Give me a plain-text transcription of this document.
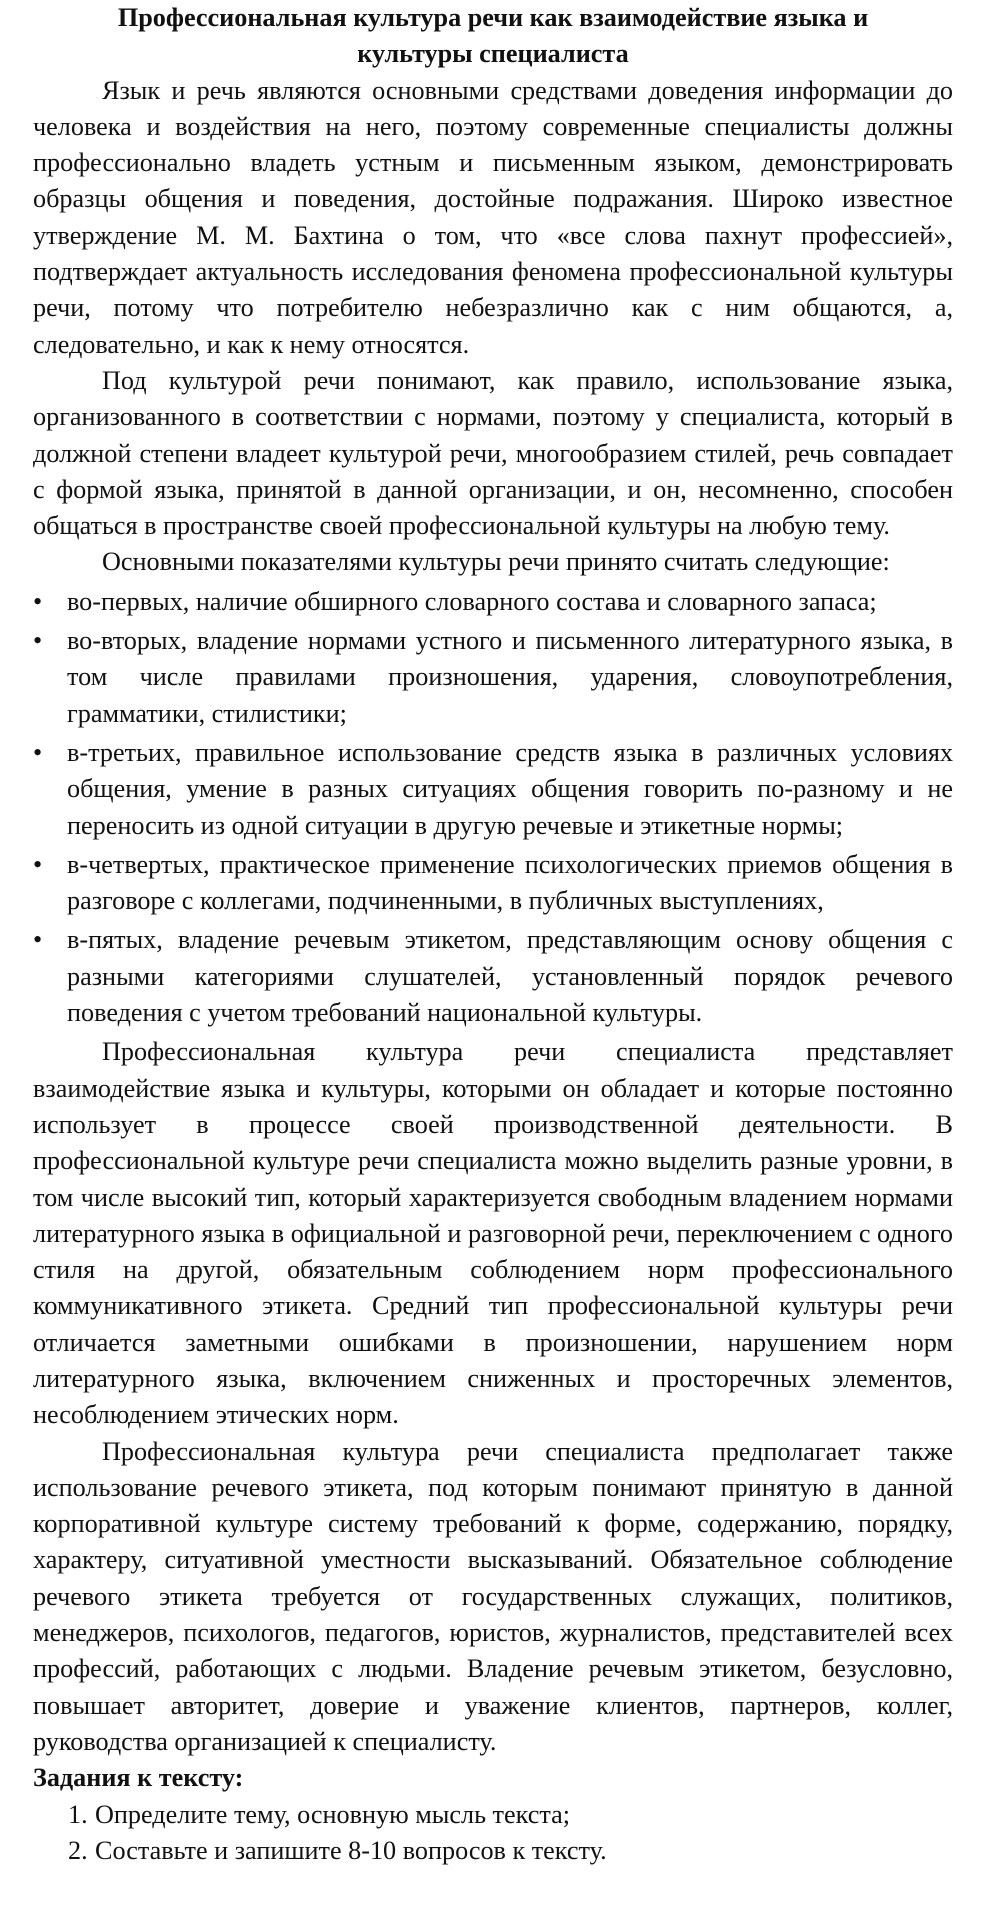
Профессиональная культура речи как взаимодействие языка и культуры специалиста

Язык и речь являются основными средствами доведения информации до человека и воздействия на него, поэтому современные специалисты должны профессионально владеть устным и письменным языком, демонстрировать образцы общения и поведения, достойные подражания. Широко известное утверждение М. М. Бахтина о том, что «все слова пахнут профессией», подтверждает актуальность исследования феномена профессиональной культуры речи, потому что потребителю небезразлично как с ним общаются, а, следовательно, и как к нему относятся.

Под культурой речи понимают, как правило, использование языка, организованного в соответствии с нормами, поэтому у специалиста, который в должной степени владеет культурой речи, многообразием стилей, речь совпадает с формой языка, принятой в данной организации, и он, несомненно, способен общаться в пространстве своей профессиональной культуры на любую тему.

Основными показателями культуры речи принято считать следующие:

• во-первых, наличие обширного словарного состава и словарного запаса;
• во-вторых, владение нормами устного и письменного литературного языка, в том числе правилами произношения, ударения, словоупотребления, грамматики, стилистики;
• в-третьих, правильное использование средств языка в различных условиях общения, умение в разных ситуациях общения говорить по-разному и не переносить из одной ситуации в другую речевые и этикетные нормы;
• в-четвертых, практическое применение психологических приемов общения в разговоре с коллегами, подчиненными, в публичных выступлениях,
• в-пятых, владение речевым этикетом, представляющим основу общения с разными категориями слушателей, установленный порядок речевого поведения с учетом требований национальной культуры.

Профессиональная культура речи специалиста представляет взаимодействие языка и культуры, которыми он обладает и которые постоянно использует в процессе своей производственной деятельности. В профессиональной культуре речи специалиста можно выделить разные уровни, в том числе высокий тип, который характеризуется свободным владением нормами литературного языка в официальной и разговорной речи, переключением с одного стиля на другой, обязательным соблюдением норм профессионального коммуникативного этикета. Средний тип профессиональной культуры речи отличается заметными ошибками в произношении, нарушением норм литературного языка, включением сниженных и просторечных элементов, несоблюдением этических норм.

Профессиональная культура речи специалиста предполагает также использование речевого этикета, под которым понимают принятую в данной корпоративной культуре систему требований к форме, содержанию, порядку, характеру, ситуативной уместности высказываний. Обязательное соблюдение речевого этикета требуется от государственных служащих, политиков, менеджеров, психологов, педагогов, юристов, журналистов, представителей всех профессий, работающих с людьми. Владение речевым этикетом, безусловно, повышает авторитет, доверие и уважение клиентов, партнеров, коллег, руководства организацией к специалисту.

Задания к тексту:

1. Определите тему, основную мысль текста;
2. Составьте и запишите 8-10 вопросов к тексту.
